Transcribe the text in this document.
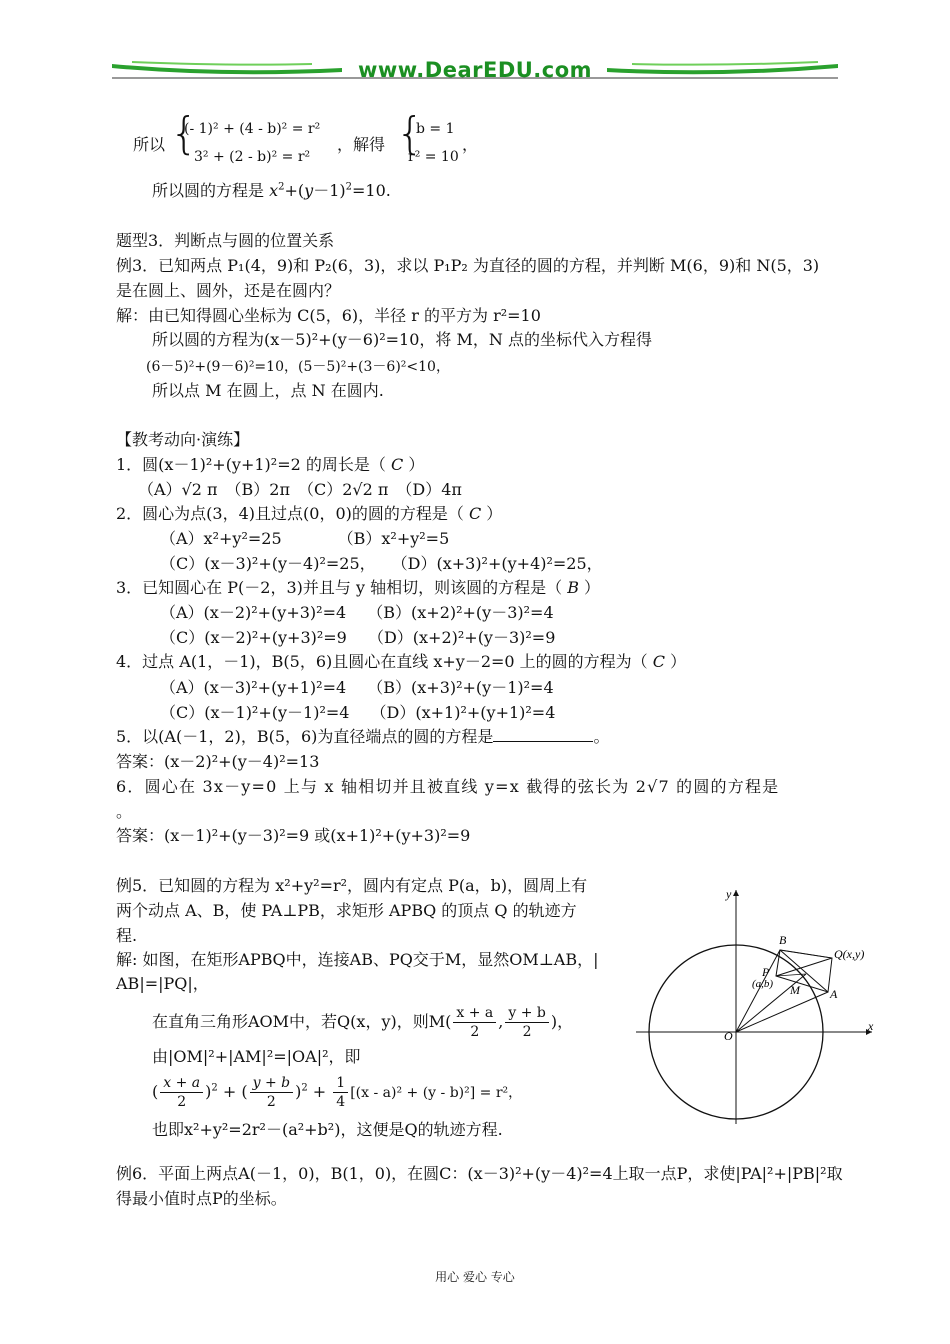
www.DearEDU.com
所以 {
(- 1)² + (4 - b)² = r²
3² + (2 - b)² = r²
，解得 {
b = 1
r² = 10
，
所以圆的方程是 $x^2+(y-1)^2=10$.
题型3．判断点与圆的位置关系
例3．已知两点 P₁(4，9)和 P₂(6，3)，求以 P₁P₂ 为直径的圆的方程，并判断 M(6，9)和 N(5，3)
是在圆上、圆外，还是在圆内？
解：由已知得圆心坐标为 C(5，6)，半径 r 的平方为 r²=10
所以圆的方程为(x－5)²+(y－6)²=10，将 M，N 点的坐标代入方程得
(6－5)²+(9－6)²=10，(5－5)²+(3－6)²<10，
所以点 M 在圆上，点 N 在圆内.
【教考动向·演练】
1．圆(x－1)²+(y+1)²=2 的周长是（ C ）
（A）√2 π　（B）2π　（C）2√2 π　（D）4π
2．圆心为点(3，4)且过点(0，0)的圆的方程是（ C ）
（A）x²+y²=25　　　　（B）x²+y²=5
（C）(x－3)²+(y－4)²=25，　　（D）(x+3)²+(y+4)²=25，
3．已知圆心在 P(－2，3)并且与 y 轴相切，则该圆的方程是（ B ）
（A）(x－2)²+(y+3)²=4　 （B）(x+2)²+(y－3)²=4
（C）(x－2)²+(y+3)²=9　 （D）(x+2)²+(y－3)²=9
4．过点 A(1，－1)，B(5，6)且圆心在直线 x+y－2=0 上的圆的方程为（ C ）
（A）(x－3)²+(y+1)²=4　 （B）(x+3)²+(y－1)²=4
（C）(x－1)²+(y－1)²=4　 （D）(x+1)²+(y+1)²=4
5．以(A(－1，2)，B(5，6)为直径端点的圆的方程是	。
答案：(x－2)²+(y－4)²=13
6．圆心在 3x－y=0 上与 x 轴相切并且被直线 y=x 截得的弦长为 2√7 的圆的方程是
。
答案：(x－1)²+(y－3)²=9 或(x+1)²+(y+3)²=9
例5．已知圆的方程为 x²+y²=r²，圆内有定点 P(a，b)，圆周上有
两个动点 A、B，使 PA⊥PB，求矩形 APBQ 的顶点 Q 的轨迹方
程.
解: 如图，在矩形APBQ中，连接AB、PQ交于M，显然OM⊥AB，|
AB|=|PQ|，
在直角三角形AOM中，若Q(x，y)，则$M( \frac{x + a}{2}$ , $\frac{y + b}{2}$ )，
由|OM|²+|AM|²=|OA|²，即
( $\frac{x + a}{2} )^2$ + ( $\frac{y + b}{2} )^2 + \frac{1}{4} [(x - a)^2 + (y - b)^2] = r^2$，
也即x²+y²=2r²－(a²+b²)，这便是Q的轨迹方程.
例6．平面上两点A(－1，0)，B(1，0)，在圆C：(x－3)²+(y－4)²=4上取一点P，求使|PA|²+|PB|²取
得最小值时点P的坐标。
y
x
O
B
Q(x,y)
P
(a,b) M	A
用心 爱心 专心
